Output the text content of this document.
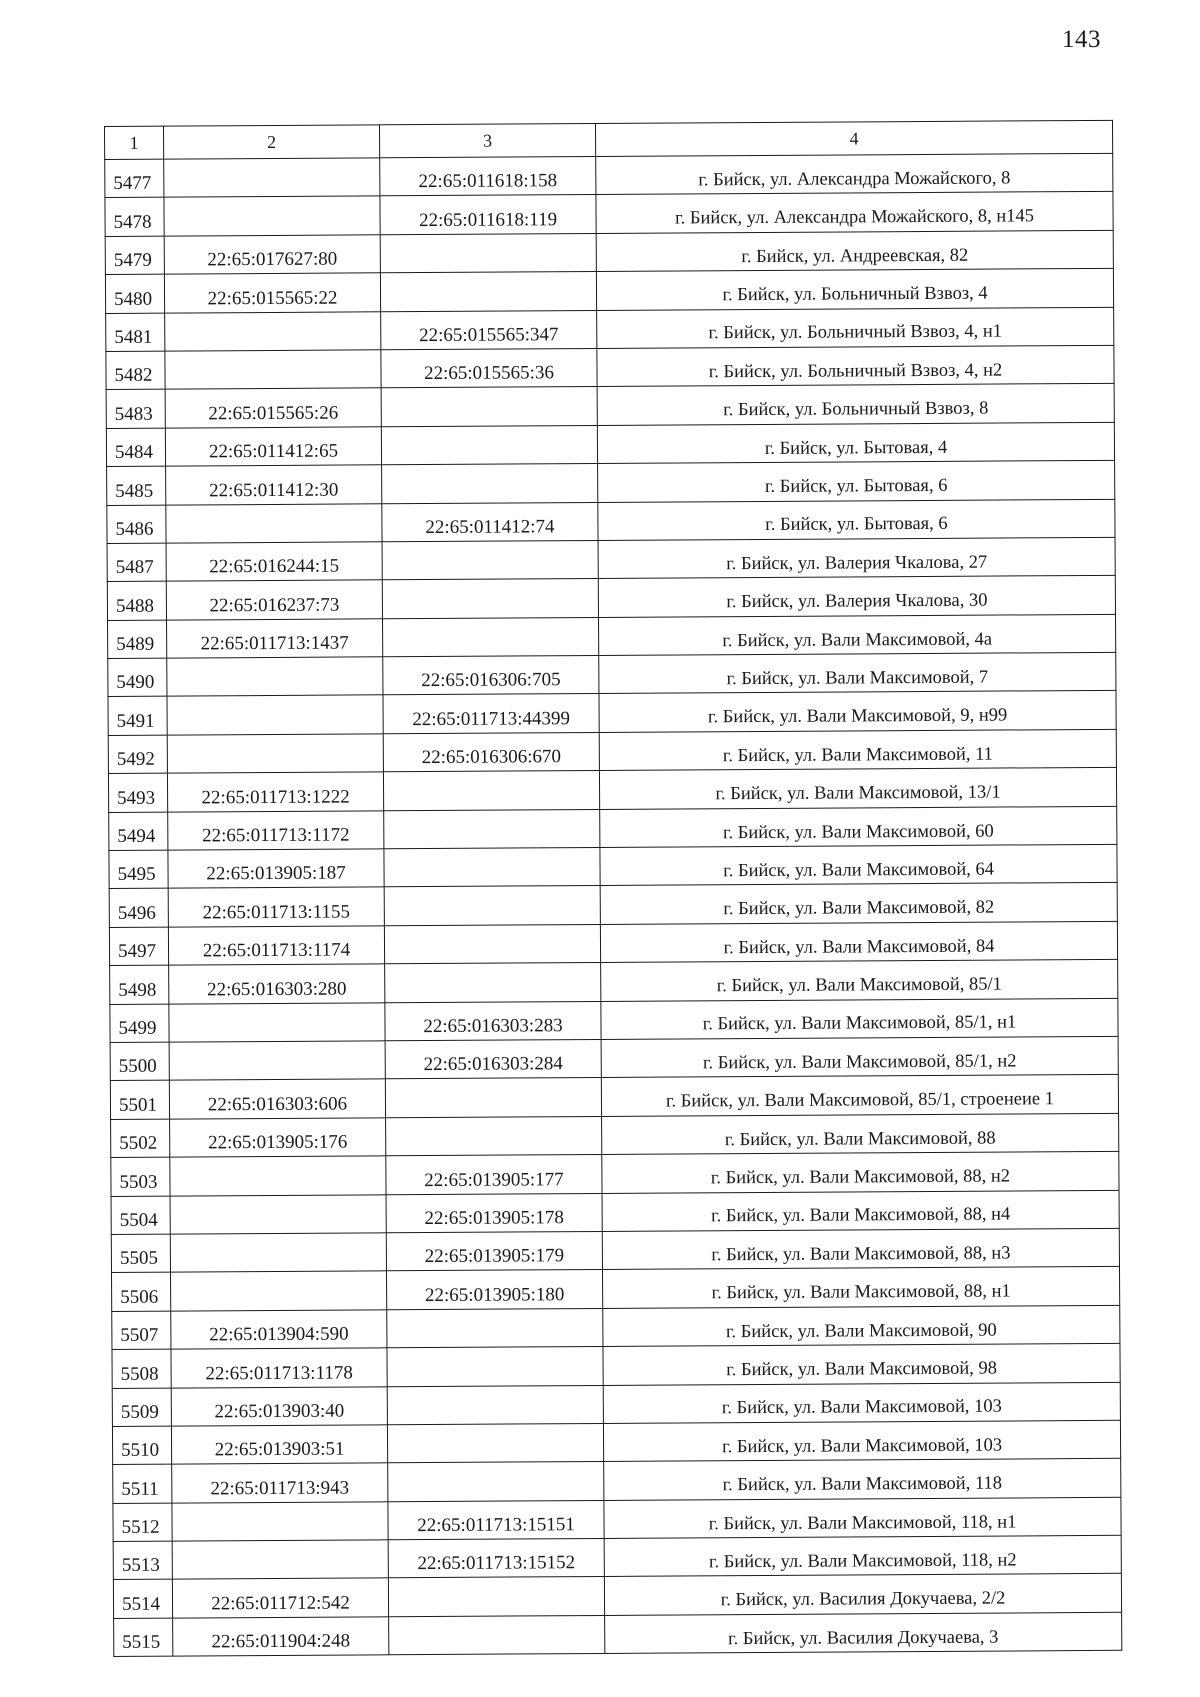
143
1	2	3	4
5477		22:65:011618:158	г. Бийск, ул. Александра Можайского, 8
5478		22:65:011618:119	г. Бийск, ул. Александра Можайского, 8, н145
5479	22:65:017627:80		г. Бийск, ул. Андреевская, 82
5480	22:65:015565:22		г. Бийск, ул. Больничный Взвоз, 4
5481		22:65:015565:347	г. Бийск, ул. Больничный Взвоз, 4, н1
5482		22:65:015565:36	г. Бийск, ул. Больничный Взвоз, 4, н2
5483	22:65:015565:26		г. Бийск, ул. Больничный Взвоз, 8
5484	22:65:011412:65		г. Бийск, ул. Бытовая, 4
5485	22:65:011412:30		г. Бийск, ул. Бытовая, 6
5486		22:65:011412:74	г. Бийск, ул. Бытовая, 6
5487	22:65:016244:15		г. Бийск, ул. Валерия Чкалова, 27
5488	22:65:016237:73		г. Бийск, ул. Валерия Чкалова, 30
5489	22:65:011713:1437		г. Бийск, ул. Вали Максимовой, 4а
5490		22:65:016306:705	г. Бийск, ул. Вали Максимовой, 7
5491		22:65:011713:44399	г. Бийск, ул. Вали Максимовой, 9, н99
5492		22:65:016306:670	г. Бийск, ул. Вали Максимовой, 11
5493	22:65:011713:1222		г. Бийск, ул. Вали Максимовой, 13/1
5494	22:65:011713:1172		г. Бийск, ул. Вали Максимовой, 60
5495	22:65:013905:187		г. Бийск, ул. Вали Максимовой, 64
5496	22:65:011713:1155		г. Бийск, ул. Вали Максимовой, 82
5497	22:65:011713:1174		г. Бийск, ул. Вали Максимовой, 84
5498	22:65:016303:280		г. Бийск, ул. Вали Максимовой, 85/1
5499		22:65:016303:283	г. Бийск, ул. Вали Максимовой, 85/1, н1
5500		22:65:016303:284	г. Бийск, ул. Вали Максимовой, 85/1, н2
5501	22:65:016303:606		г. Бийск, ул. Вали Максимовой, 85/1, строенеие 1
5502	22:65:013905:176		г. Бийск, ул. Вали Максимовой, 88
5503		22:65:013905:177	г. Бийск, ул. Вали Максимовой, 88, н2
5504		22:65:013905:178	г. Бийск, ул. Вали Максимовой, 88, н4
5505		22:65:013905:179	г. Бийск, ул. Вали Максимовой, 88, н3
5506		22:65:013905:180	г. Бийск, ул. Вали Максимовой, 88, н1
5507	22:65:013904:590		г. Бийск, ул. Вали Максимовой, 90
5508	22:65:011713:1178		г. Бийск, ул. Вали Максимовой, 98
5509	22:65:013903:40		г. Бийск, ул. Вали Максимовой, 103
5510	22:65:013903:51		г. Бийск, ул. Вали Максимовой, 103
5511	22:65:011713:943		г. Бийск, ул. Вали Максимовой, 118
5512		22:65:011713:15151	г. Бийск, ул. Вали Максимовой, 118, н1
5513		22:65:011713:15152	г. Бийск, ул. Вали Максимовой, 118, н2
5514	22:65:011712:542		г. Бийск, ул. Василия Докучаева, 2/2
5515	22:65:011904:248		г. Бийск, ул. Василия Докучаева, 3
